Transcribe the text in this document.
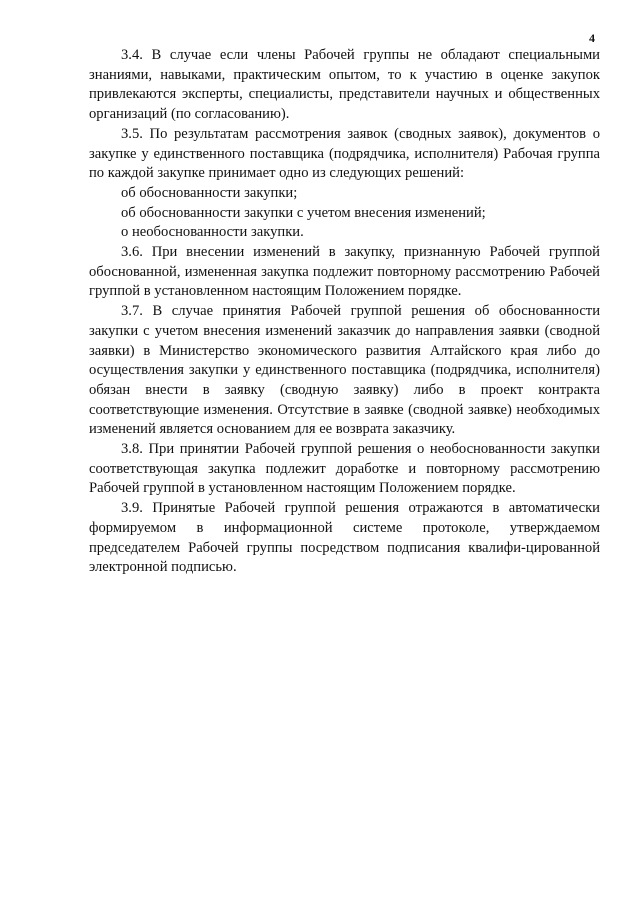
4

3.4. В случае если члены Рабочей группы не обладают специальными знаниями, навыками, практическим опытом, то к участию в оценке закупок привлекаются эксперты, специалисты, представители научных и общественных организаций (по согласованию).

3.5. По результатам рассмотрения заявок (сводных заявок), документов о закупке у единственного поставщика (подрядчика, исполнителя) Рабочая группа по каждой закупке принимает одно из следующих решений:

об обоснованности закупки;

об обоснованности закупки с учетом внесения изменений;

о необоснованности закупки.

3.6. При внесении изменений в закупку, признанную Рабочей группой обоснованной, измененная закупка подлежит повторному рассмотрению Рабочей группой в установленном настоящим Положением порядке.

3.7. В случае принятия Рабочей группой решения об обоснованности закупки с учетом внесения изменений заказчик до направления заявки (сводной заявки) в Министерство экономического развития Алтайского края либо до осуществления закупки у единственного поставщика (подрядчика, исполнителя) обязан внести в заявку (сводную заявку) либо в проект контракта соответствующие изменения. Отсутствие в заявке (сводной заявке) необходимых изменений является основанием для ее возврата заказчику.

3.8. При принятии Рабочей группой решения о необоснованности закупки соответствующая закупка подлежит доработке и повторному рассмотрению Рабочей группой в установленном настоящим Положением порядке.

3.9. Принятые Рабочей группой решения отражаются в автоматически формируемом в информационной системе протоколе, утверждаемом председателем Рабочей группы посредством подписания квалифи-цированной электронной подписью.
